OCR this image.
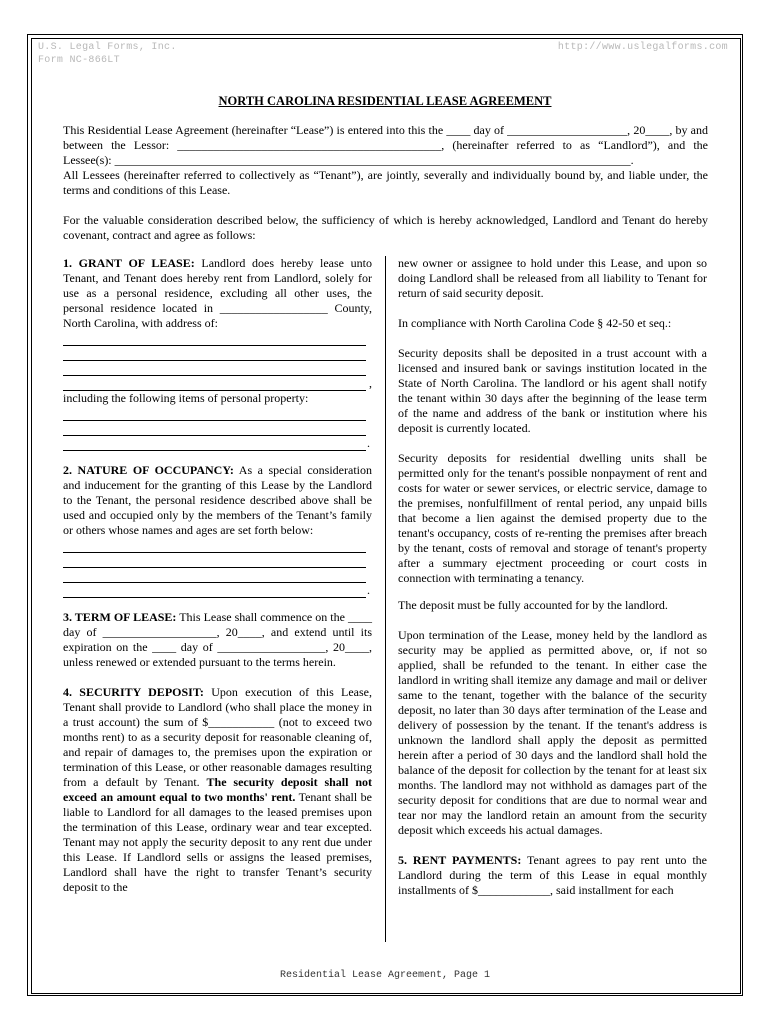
U.S. Legal Forms, Inc.
Form NC-866LT
http://www.uslegalforms.com
NORTH CAROLINA RESIDENTIAL LEASE AGREEMENT

This Residential Lease Agreement (hereinafter “Lease”) is entered into this the ____ day of ____________________, 20____, by and between the Lessor: ____________________________________________, (hereinafter referred to as “Landlord”), and the Lessee(s): ______________________________________________________________________________________.

All Lessees (hereinafter referred to collectively as “Tenant”), are jointly, severally and individually bound by, and liable under, the terms and conditions of this Lease.

For the valuable consideration described below, the sufficiency of which is hereby acknowledged, Landlord and Tenant do hereby covenant, contract and agree as follows:

1. GRANT OF LEASE: Landlord does hereby lease unto Tenant, and Tenant does hereby rent from Landlord, solely for use as a personal residence, excluding all other uses, the personal residence located in __________________ County, North Carolina, with address of:

,

including the following items of personal property:

.

2. NATURE OF OCCUPANCY: As a special consideration and inducement for the granting of this Lease by the Landlord to the Tenant, the personal residence described above shall be used and occupied only by the members of the Tenant’s family or others whose names and ages are set forth below:

.

3. TERM OF LEASE: This Lease shall commence on the ____ day of ___________________, 20____, and extend until its expiration on the ____ day of __________________, 20____, unless renewed or extended pursuant to the terms herein.

4. SECURITY DEPOSIT: Upon execution of this Lease, Tenant shall provide to Landlord (who shall place the money in a trust account) the sum of $___________ (not to exceed two months rent) to as a security deposit for reasonable cleaning of, and repair of damages to, the premises upon the expiration or termination of this Lease, or other reasonable damages resulting from a default by Tenant. The security deposit shall not exceed an amount equal to two months' rent. Tenant shall be liable to Landlord for all damages to the leased premises upon the termination of this Lease, ordinary wear and tear excepted. Tenant may not apply the security deposit to any rent due under this Lease. If Landlord sells or assigns the leased premises, Landlord shall have the right to transfer Tenant’s security deposit to the

new owner or assignee to hold under this Lease, and upon so doing Landlord shall be released from all liability to Tenant for return of said security deposit.

In compliance with North Carolina Code § 42-50 et seq.:

Security deposits shall be deposited in a trust account with a licensed and insured bank or savings institution located in the State of North Carolina. The landlord or his agent shall notify the tenant within 30 days after the beginning of the lease term of the name and address of the bank or institution where his deposit is currently located.

Security deposits for residential dwelling units shall be permitted only for the tenant's possible nonpayment of rent and costs for water or sewer services, or electric service, damage to the premises, nonfulfillment of rental period, any unpaid bills that become a lien against the demised property due to the tenant's occupancy, costs of re-renting the premises after breach by the tenant, costs of removal and storage of tenant's property after a summary ejectment proceeding or court costs in connection with terminating a tenancy.

The deposit must be fully accounted for by the landlord.

Upon termination of the Lease, money held by the landlord as security may be applied as permitted above, or, if not so applied, shall be refunded to the tenant. In either case the landlord in writing shall itemize any damage and mail or deliver same to the tenant, together with the balance of the security deposit, no later than 30 days after termination of the Lease and delivery of possession by the tenant. If the tenant's address is unknown the landlord shall apply the deposit as permitted herein after a period of 30 days and the landlord shall hold the balance of the deposit for collection by the tenant for at least six months. The landlord may not withhold as damages part of the security deposit for conditions that are due to normal wear and tear nor may the landlord retain an amount from the security deposit which exceeds his actual damages.

5. RENT PAYMENTS: Tenant agrees to pay rent unto the Landlord during the term of this Lease in equal monthly installments of $____________, said installment for each

Residential Lease Agreement, Page 1
